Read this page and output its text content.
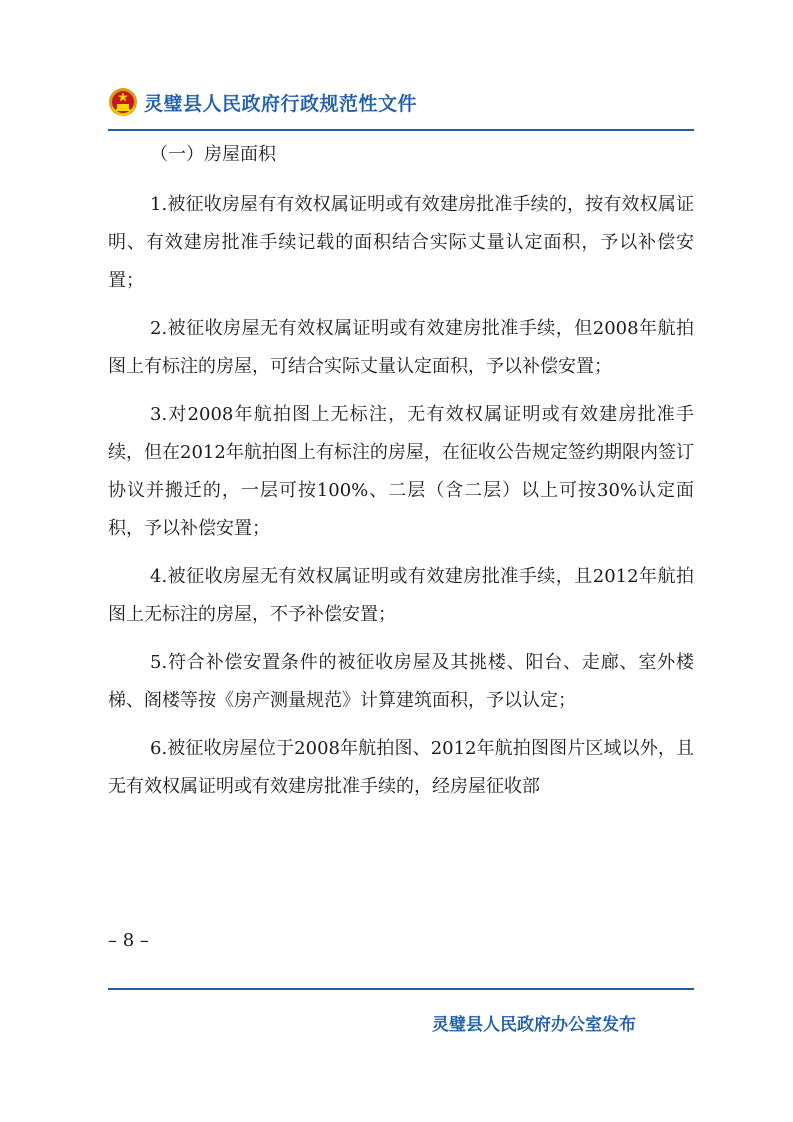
灵璧县人民政府行政规范性文件

（一）房屋面积

1.被征收房屋有有效权属证明或有效建房批准手续的，按有效权属证明、有效建房批准手续记载的面积结合实际丈量认定面积，予以补偿安置；

2.被征收房屋无有效权属证明或有效建房批准手续，但2008年航拍图上有标注的房屋，可结合实际丈量认定面积，予以补偿安置；

3.对2008年航拍图上无标注，无有效权属证明或有效建房批准手续，但在2012年航拍图上有标注的房屋，在征收公告规定签约期限内签订协议并搬迁的，一层可按100%、二层（含二层）以上可按30%认定面积，予以补偿安置；

4.被征收房屋无有效权属证明或有效建房批准手续，且2012年航拍图上无标注的房屋，不予补偿安置；

5.符合补偿安置条件的被征收房屋及其挑楼、阳台、走廊、室外楼梯、阁楼等按《房产测量规范》计算建筑面积，予以认定；

6.被征收房屋位于2008年航拍图、2012年航拍图图片区域以外，且无有效权属证明或有效建房批准手续的，经房屋征收部

– 8 –
灵璧县人民政府办公室发布
